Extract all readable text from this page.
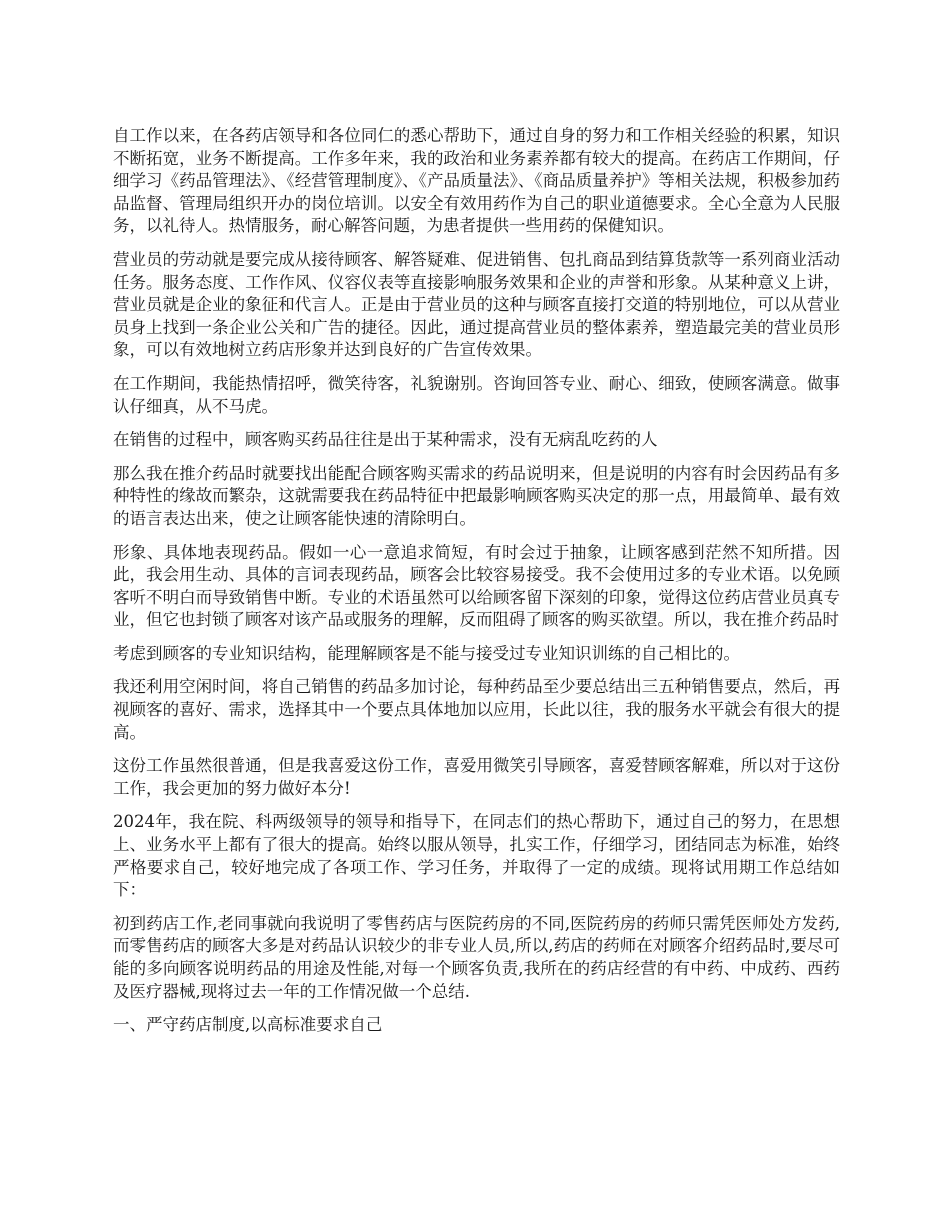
自工作以来，在各药店领导和各位同仁的悉心帮助下，通过自身的努力和工作相关经验的积累，知识不断拓宽，业务不断提高。工作多年来，我的政治和业务素养都有较大的提高。在药店工作期间，仔细学习《药品管理法》、《经营管理制度》、《产品质量法》、《商品质量养护》等相关法规，积极参加药品监督、管理局组织开办的岗位培训。以安全有效用药作为自己的职业道德要求。全心全意为人民服务，以礼待人。热情服务，耐心解答问题，为患者提供一些用药的保健知识。

营业员的劳动就是要完成从接待顾客、解答疑难、促进销售、包扎商品到结算货款等一系列商业活动任务。服务态度、工作作风、仪容仪表等直接影响服务效果和企业的声誉和形象。从某种意义上讲，营业员就是企业的象征和代言人。正是由于营业员的这种与顾客直接打交道的特别地位，可以从营业员身上找到一条企业公关和广告的捷径。因此，通过提高营业员的整体素养，塑造最完美的营业员形象，可以有效地树立药店形象并达到良好的广告宣传效果。

在工作期间，我能热情招呼，微笑待客，礼貌谢别。咨询回答专业、耐心、细致，使顾客满意。做事认仔细真，从不马虎。

在销售的过程中，顾客购买药品往往是出于某种需求，没有无病乱吃药的人

那么我在推介药品时就要找出能配合顾客购买需求的药品说明来，但是说明的内容有时会因药品有多种特性的缘故而繁杂，这就需要我在药品特征中把最影响顾客购买决定的那一点，用最简单、最有效的语言表达出来，使之让顾客能快速的清除明白。

形象、具体地表现药品。假如一心一意追求简短，有时会过于抽象，让顾客感到茫然不知所措。因此，我会用生动、具体的言词表现药品，顾客会比较容易接受。我不会使用过多的专业术语。以免顾客听不明白而导致销售中断。专业的术语虽然可以给顾客留下深刻的印象，觉得这位药店营业员真专业，但它也封锁了顾客对该产品或服务的理解，反而阻碍了顾客的购买欲望。所以，我在推介药品时

考虑到顾客的专业知识结构，能理解顾客是不能与接受过专业知识训练的自己相比的。

我还利用空闲时间，将自己销售的药品多加讨论，每种药品至少要总结出三五种销售要点，然后，再视顾客的喜好、需求，选择其中一个要点具体地加以应用，长此以往，我的服务水平就会有很大的提高。

这份工作虽然很普通，但是我喜爱这份工作，喜爱用微笑引导顾客，喜爱替顾客解难，所以对于这份工作，我会更加的努力做好本分!

2024年，我在院、科两级领导的领导和指导下，在同志们的热心帮助下，通过自己的努力，在思想上、业务水平上都有了很大的提高。始终以服从领导，扎实工作，仔细学习，团结同志为标准，始终严格要求自己，较好地完成了各项工作、学习任务，并取得了一定的成绩。现将试用期工作总结如下：

初到药店工作,老同事就向我说明了零售药店与医院药房的不同,医院药房的药师只需凭医师处方发药,而零售药店的顾客大多是对药品认识较少的非专业人员,所以,药店的药师在对顾客介绍药品时,要尽可能的多向顾客说明药品的用途及性能,对每一个顾客负责,我所在的药店经营的有中药、中成药、西药及医疗器械,现将过去一年的工作情况做一个总结.

一、严守药店制度,以高标准要求自己
